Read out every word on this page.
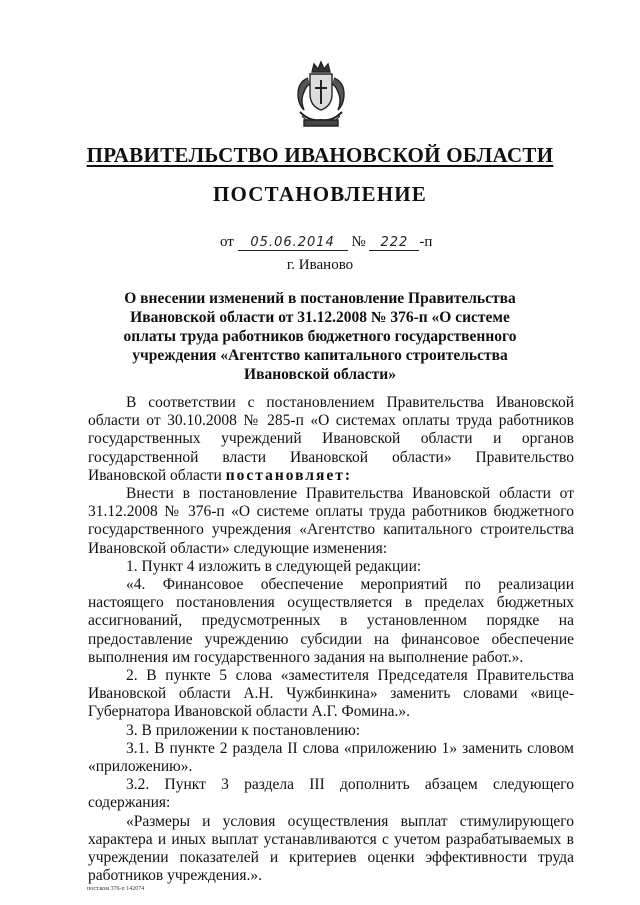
ПРАВИТЕЛЬСТВО ИВАНОВСКОЙ ОБЛАСТИ
ПОСТАНОВЛЕНИЕ
от 05.06.2014 № 222 -п
г. Иваново
О внесении изменений в постановление Правительства Ивановской области от 31.12.2008 № 376-п «О системе оплаты труда работников бюджетного государственного учреждения «Агентство капитального строительства Ивановской области»

В соответствии с постановлением Правительства Ивановской области от 30.10.2008 № 285-п «О системах оплаты труда работников государственных учреждений Ивановской области и органов государственной власти Ивановской области» Правительство Ивановской области постановляет:

Внести в постановление Правительства Ивановской области от 31.12.2008 № 376-п «О системе оплаты труда работников бюджетного государственного учреждения «Агентство капитального строительства Ивановской области» следующие изменения:

1. Пункт 4 изложить в следующей редакции:

«4. Финансовое обеспечение мероприятий по реализации настоящего постановления осуществляется в пределах бюджетных ассигнований, предусмотренных в установленном порядке на предоставление учреждению субсидии на финансовое обеспечение выполнения им государственного задания на выполнение работ.».

2. В пункте 5 слова «заместителя Председателя Правительства Ивановской области А.Н. Чужбинкина» заменить словами «вице-Губернатора Ивановской области А.Г. Фомина.».

3. В приложении к постановлению:

3.1. В пункте 2 раздела II слова «приложению 1» заменить словом «приложению».

3.2. Пункт 3 раздела III дополнить абзацем следующего содержания:

«Размеры и условия осуществления выплат стимулирующего характера и иных выплат устанавливаются с учетом разрабатываемых в учреждении показателей и критериев оценки эффективности труда работников учреждения.».

пост.ком 376-п 142074
